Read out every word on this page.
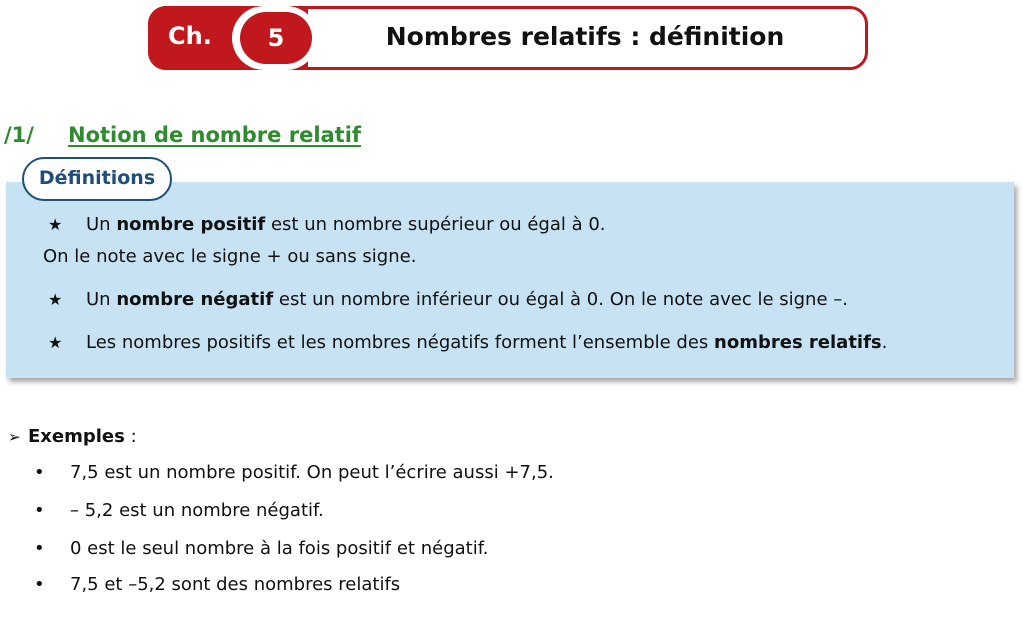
Ch.	5	Nombres relatifs : définition
/1/ Notion de nombre relatif
Définitions
★ Un nombre positif est un nombre supérieur ou égal à 0.
On le note avec le signe + ou sans signe.
★ Un nombre négatif est un nombre inférieur ou égal à 0. On le note avec le signe –.
★ Les nombres positifs et les nombres négatifs forment l’ensemble des nombres relatifs.
➢ Exemples :
• 7,5 est un nombre positif. On peut l’écrire aussi +7,5.
• – 5,2 est un nombre négatif.
• 0 est le seul nombre à la fois positif et négatif.
• 7,5 et –5,2 sont des nombres relatifs
